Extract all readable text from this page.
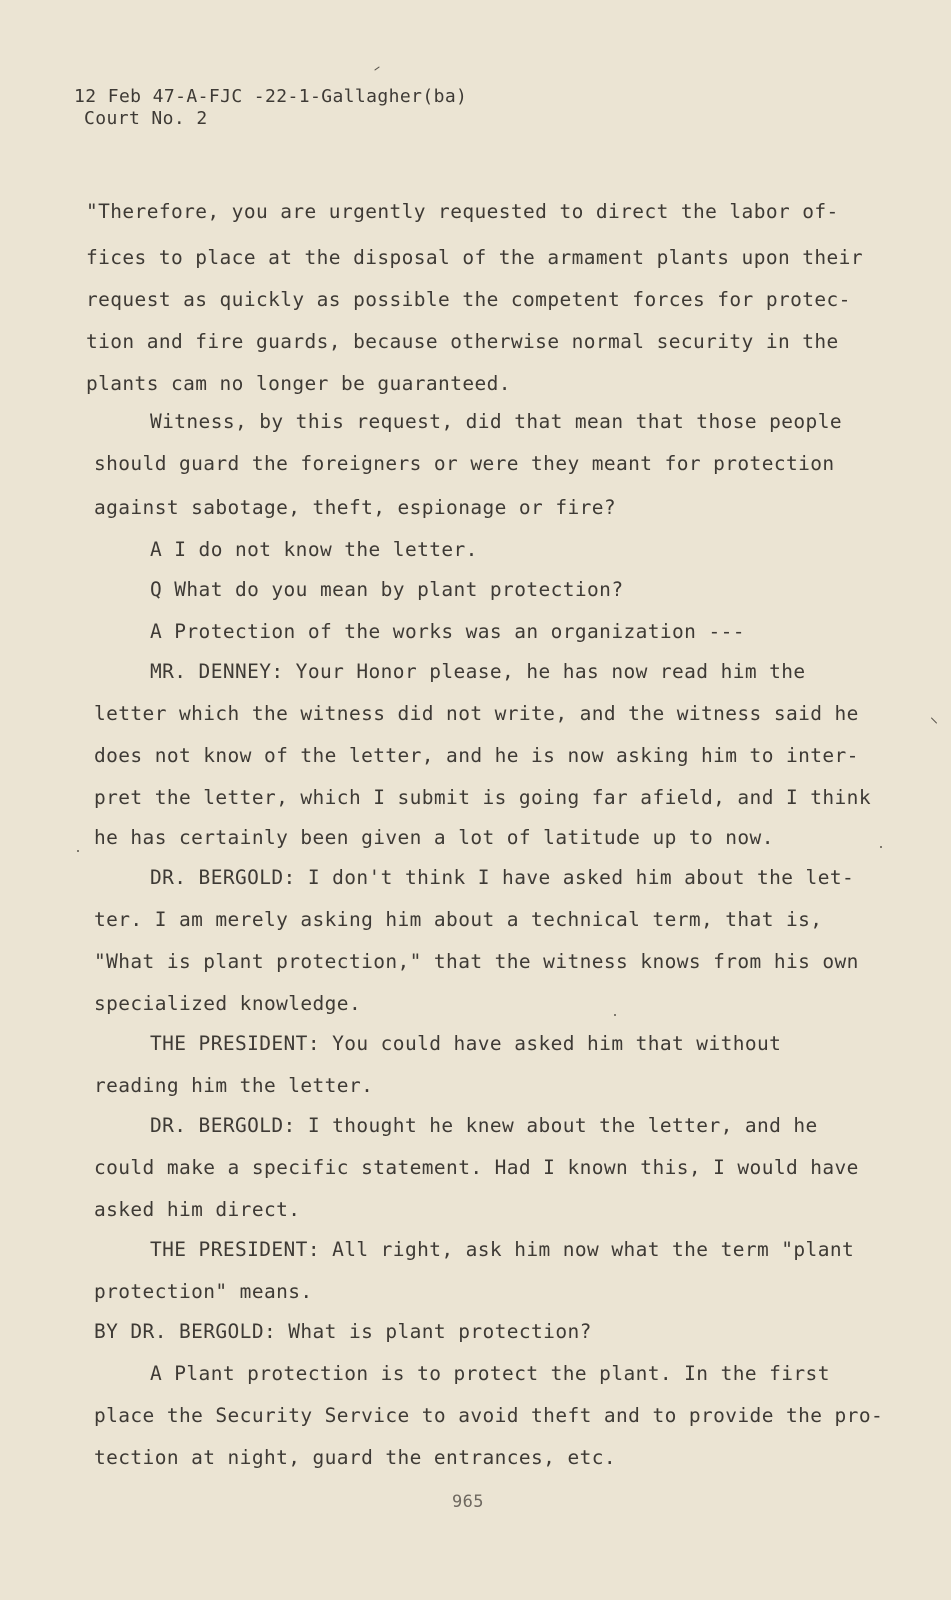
12 Feb 47-A-FJC -22-1-Gallagher(ba)
Court No. 2
"Therefore, you are urgently requested to direct the labor of-
fices to place at the disposal of the armament plants upon their
request as quickly as possible the competent forces for protec-
tion and fire guards, because otherwise normal security in the
plants cam no longer be guaranteed.
Witness, by this request, did that mean that those people
should guard the foreigners or were they meant for protection
against sabotage, theft, espionage or fire?
A I do not know the letter.
Q What do you mean by plant protection?
A Protection of the works was an organization ---
MR. DENNEY: Your Honor please, he has now read him the
letter which the witness did not write, and the witness said he
does not know of the letter, and he is now asking him to inter-
pret the letter, which I submit is going far afield, and I think
he has certainly been given a lot of latitude up to now.
DR. BERGOLD: I don't think I have asked him about the let-
ter. I am merely asking him about a technical term, that is,
"What is plant protection," that the witness knows from his own
specialized knowledge.
THE PRESIDENT: You could have asked him that without
reading him the letter.
DR. BERGOLD: I thought he knew about the letter, and he
could make a specific statement. Had I known this, I would have
asked him direct.
THE PRESIDENT: All right, ask him now what the term "plant
protection" means.
BY DR. BERGOLD: What is plant protection?
A Plant protection is to protect the plant. In the first
place the Security Service to avoid theft and to provide the pro-
tection at night, guard the entrances, etc.
965
